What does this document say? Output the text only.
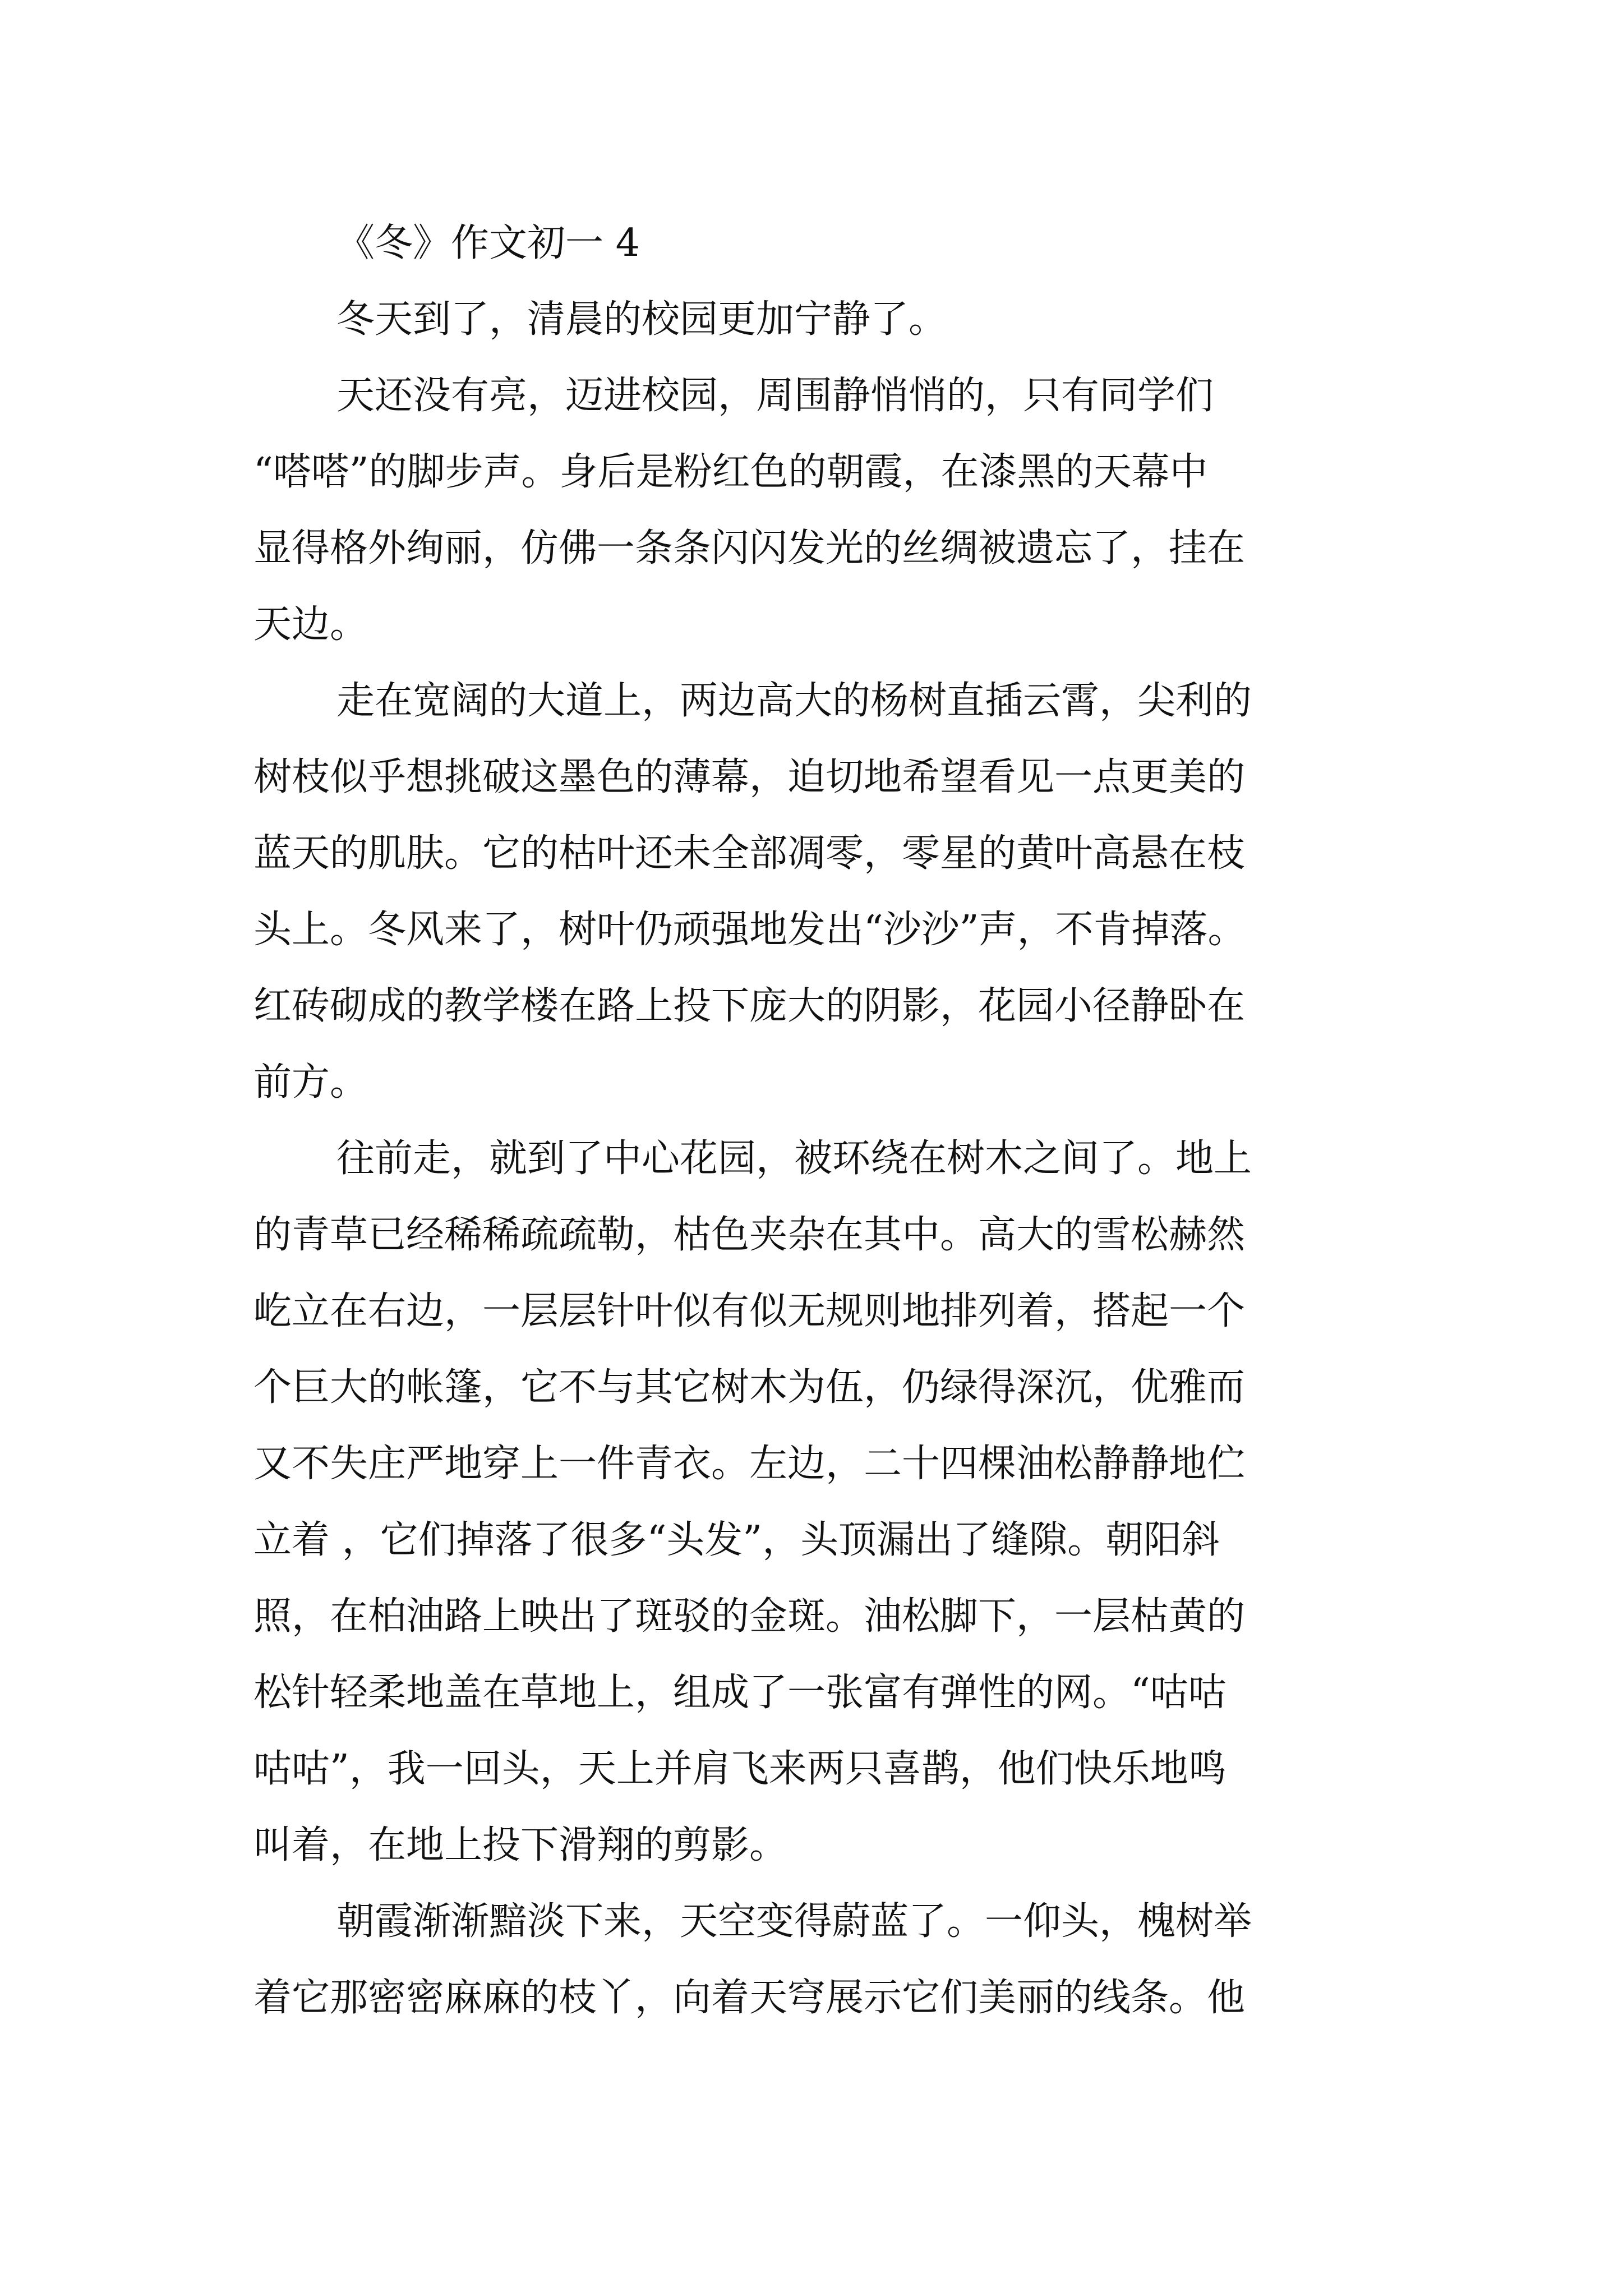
《冬》作文初一 4
冬天到了，清晨的校园更加宁静了。
天还没有亮，迈进校园，周围静悄悄的，只有同学们
“嗒嗒”的脚步声。身后是粉红色的朝霞，在漆黑的天幕中
显得格外绚丽，仿佛一条条闪闪发光的丝绸被遗忘了，挂在
天边。
走在宽阔的大道上，两边高大的杨树直插云霄，尖利的
树枝似乎想挑破这墨色的薄幕，迫切地希望看见一点更美的
蓝天的肌肤。它的枯叶还未全部凋零，零星的黄叶高悬在枝
头上。冬风来了，树叶仍顽强地发出“沙沙”声，不肯掉落。
红砖砌成的教学楼在路上投下庞大的阴影，花园小径静卧在
前方。
往前走，就到了中心花园，被环绕在树木之间了。地上
的青草已经稀稀疏疏勒，枯色夹杂在其中。高大的雪松赫然
屹立在右边，一层层针叶似有似无规则地排列着，搭起一个
个巨大的帐篷，它不与其它树木为伍，仍绿得深沉，优雅而
又不失庄严地穿上一件青衣。左边，二十四棵油松静静地伫
立着 ，它们掉落了很多“头发”，头顶漏出了缝隙。朝阳斜
照，在柏油路上映出了斑驳的金斑。油松脚下，一层枯黄的
松针轻柔地盖在草地上，组成了一张富有弹性的网。“咕咕
咕咕”，我一回头，天上并肩飞来两只喜鹊，他们快乐地鸣
叫着，在地上投下滑翔的剪影。
朝霞渐渐黯淡下来，天空变得蔚蓝了。一仰头，槐树举
着它那密密麻麻的枝丫，向着天穹展示它们美丽的线条。他
